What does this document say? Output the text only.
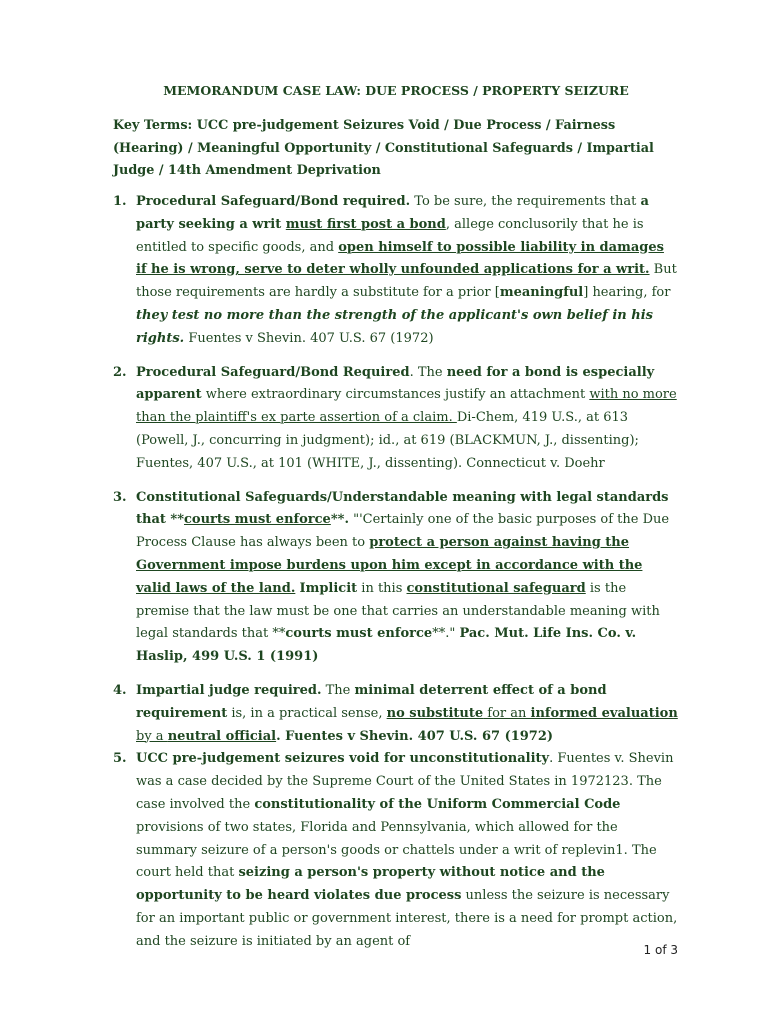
MEMORANDUM CASE LAW: DUE PROCESS / PROPERTY SEIZURE
Key Terms: UCC pre-judgement Seizures Void / Due Process / Fairness (Hearing) / Meaningful Opportunity / Constitutional Safeguards / Impartial Judge / 14th Amendment Deprivation
1. Procedural Safeguard/Bond required. To be sure, the requirements that a party seeking a writ must first post a bond, allege conclusorily that he is entitled to specific goods, and open himself to possible liability in damages if he is wrong, serve to deter wholly unfounded applications for a writ. But those requirements are hardly a substitute for a prior [meaningful] hearing, for they test no more than the strength of the applicant's own belief in his rights. Fuentes v Shevin. 407 U.S. 67 (1972)
2. Procedural Safeguard/Bond Required. The need for a bond is especially apparent where extraordinary circumstances justify an attachment with no more than the plaintiff's ex parte assertion of a claim. Di-Chem, 419 U.S., at 613 (Powell, J., concurring in judgment); id., at 619 (BLACKMUN, J., dissenting); Fuentes, 407 U.S., at 101 (WHITE, J., dissenting). Connecticut v. Doehr
3. Constitutional Safeguards/Understandable meaning with legal standards that **courts must enforce**. "'Certainly one of the basic purposes of the Due Process Clause has always been to protect a person against having the Government impose burdens upon him except in accordance with the valid laws of the land. Implicit in this constitutional safeguard is the premise that the law must be one that carries an understandable meaning with legal standards that **courts must enforce**." Pac. Mut. Life Ins. Co. v. Haslip, 499 U.S. 1 (1991)
4. Impartial judge required. The minimal deterrent effect of a bond requirement is, in a practical sense, no substitute for an informed evaluation by a neutral official. Fuentes v Shevin. 407 U.S. 67 (1972)
5. UCC pre-judgement seizures void for unconstitutionality. Fuentes v. Shevin was a case decided by the Supreme Court of the United States in 1972123. The case involved the constitutionality of the Uniform Commercial Code provisions of two states, Florida and Pennsylvania, which allowed for the summary seizure of a person's goods or chattels under a writ of replevin1. The court held that seizing a person's property without notice and the opportunity to be heard violates due process unless the seizure is necessary for an important public or government interest, there is a need for prompt action, and the seizure is initiated by an agent of
1 of 3
